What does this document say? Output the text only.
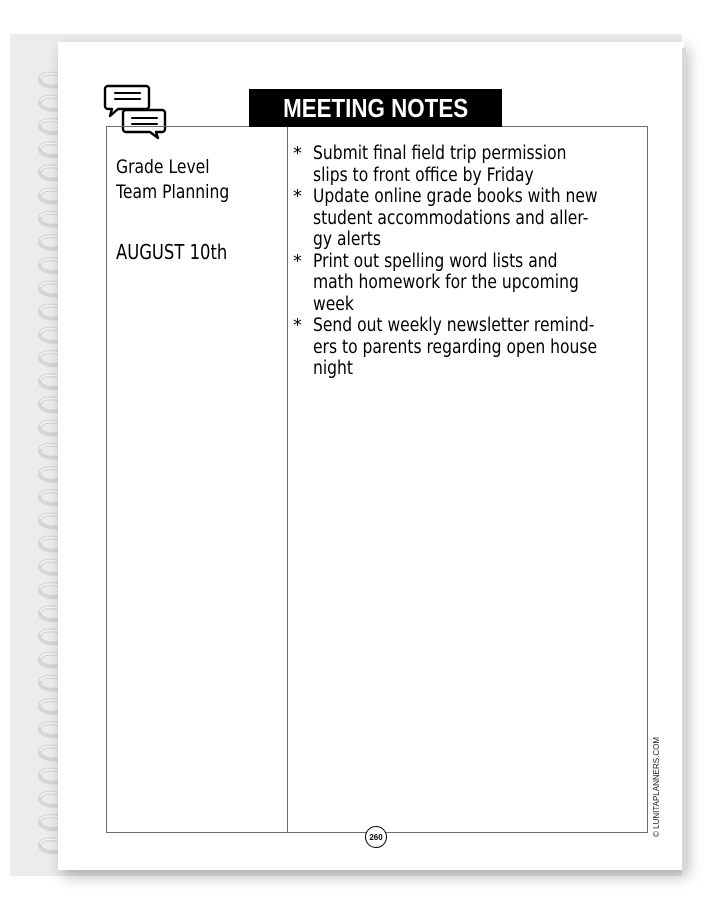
MEETING NOTES
Grade Level
Team Planning
AUGUST 10th
* Submit final field trip permission
slips to front office by Friday
* Update online grade books with new
student accommodations and aller-
gy alerts
* Print out spelling word lists and
math homework for the upcoming
week
* Send out weekly newsletter remind-
ers to parents regarding open house
night
260	© LUNITAPLANNERS.COM
